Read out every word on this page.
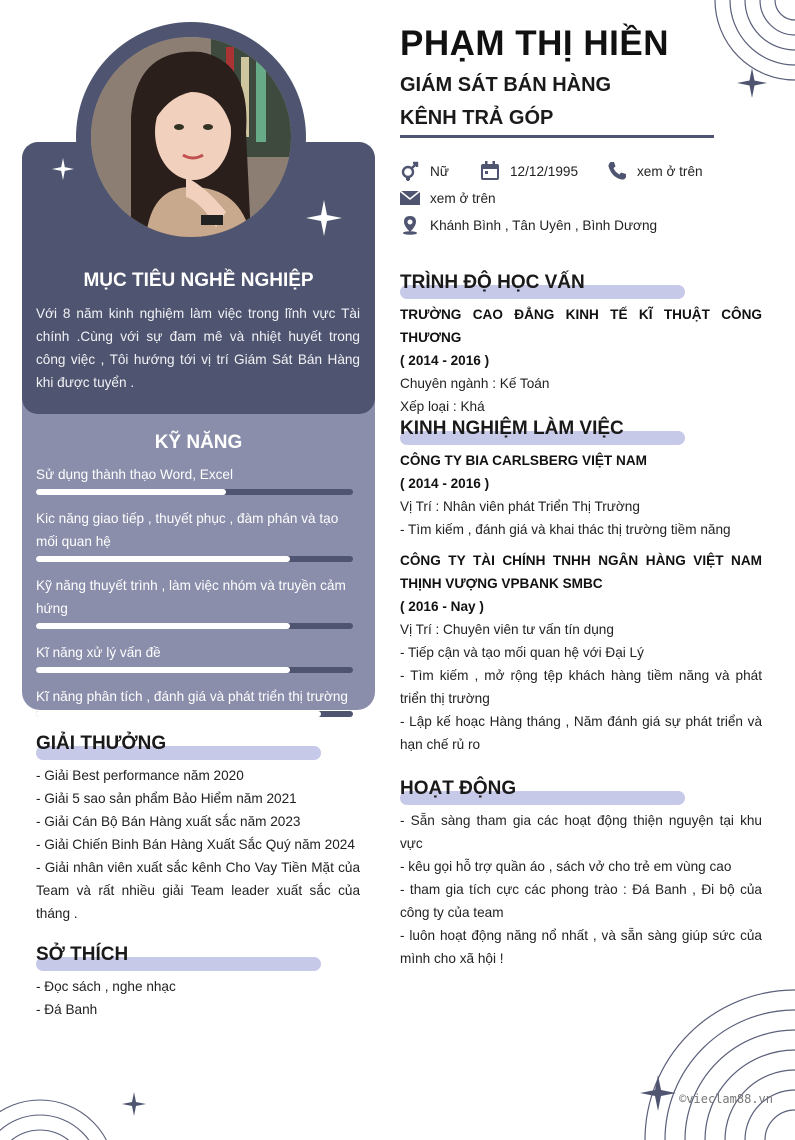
MỤC TIÊU NGHỀ NGHIỆP
Với 8 năm kinh nghiệm làm việc trong lĩnh vực Tài chính .Cùng với sự đam mê và nhiệt huyết trong công việc , Tôi hướng tới vị trí Giám Sát Bán Hàng khi được tuyển .
KỸ NĂNG
Sử dụng thành thạo Word, Excel
Kic năng giao tiếp , thuyết phục , đàm phán và tạo mối quan hệ
Kỹ năng thuyết trình , làm việc nhóm và truyền cảm hứng
Kĩ năng xử lý vấn đề
Kĩ năng phân tích , đánh giá và phát triển thị trường
GIẢI THƯỞNG
- Giải Best performance năm 2020
- Giải 5 sao sản phẩm Bảo Hiểm năm 2021
- Giải Cán Bộ Bán Hàng xuất sắc năm 2023
- Giải Chiến Binh Bán Hàng Xuất Sắc Quý năm 2024
- Giải nhân viên xuất sắc kênh Cho Vay Tiền Mặt của Team và rất nhiều giải Team leader xuất sắc của tháng .
SỞ THÍCH
- Đọc sách , nghe nhạc
- Đá Banh
PHẠM THỊ HIỀN
GIÁM SÁT BÁN HÀNG
KÊNH TRẢ GÓP
Nữ	12/12/1995	xem ở trên
xem ở trên
Khánh Bình , Tân Uyên , Bình Dương
TRÌNH ĐỘ HỌC VẤN
TRƯỜNG CAO ĐẲNG KINH TẾ KĨ THUẬT CÔNG THƯƠNG
( 2014 - 2016 )
Chuyên ngành : Kế Toán
Xếp loại : Khá
KINH NGHIỆM LÀM VIỆC
CÔNG TY BIA CARLSBERG VIỆT NAM
( 2014 - 2016 )
Vị Trí : Nhân viên phát Triển Thị Trường
- Tìm kiếm , đánh giá và khai thác thị trường tiềm năng
CÔNG TY TÀI CHÍNH TNHH NGÂN HÀNG VIỆT NAM THỊNH VƯỢNG VPBANK SMBC
( 2016 - Nay )
Vị Trí : Chuyên viên tư vấn tín dụng
- Tiếp cận và tạo mối quan hệ với Đại Lý
- Tìm kiếm , mở rộng tệp khách hàng tiềm năng và phát triển thị trường
- Lập kế hoạc Hàng tháng , Năm đánh giá sự phát triển và hạn chế rủ ro
HOẠT ĐỘNG
- Sẵn sàng tham gia các hoạt động thiện nguyện tại khu vực
- kêu gọi hỗ trợ quần áo , sách vở cho trẻ em vùng cao
- tham gia tích cực các phong trào : Đá Banh , Đi bộ của công ty của team
- luôn hoạt động năng nổ nhất , và sẵn sàng giúp sức của mình cho xã hội !
©vieclam88.vn
